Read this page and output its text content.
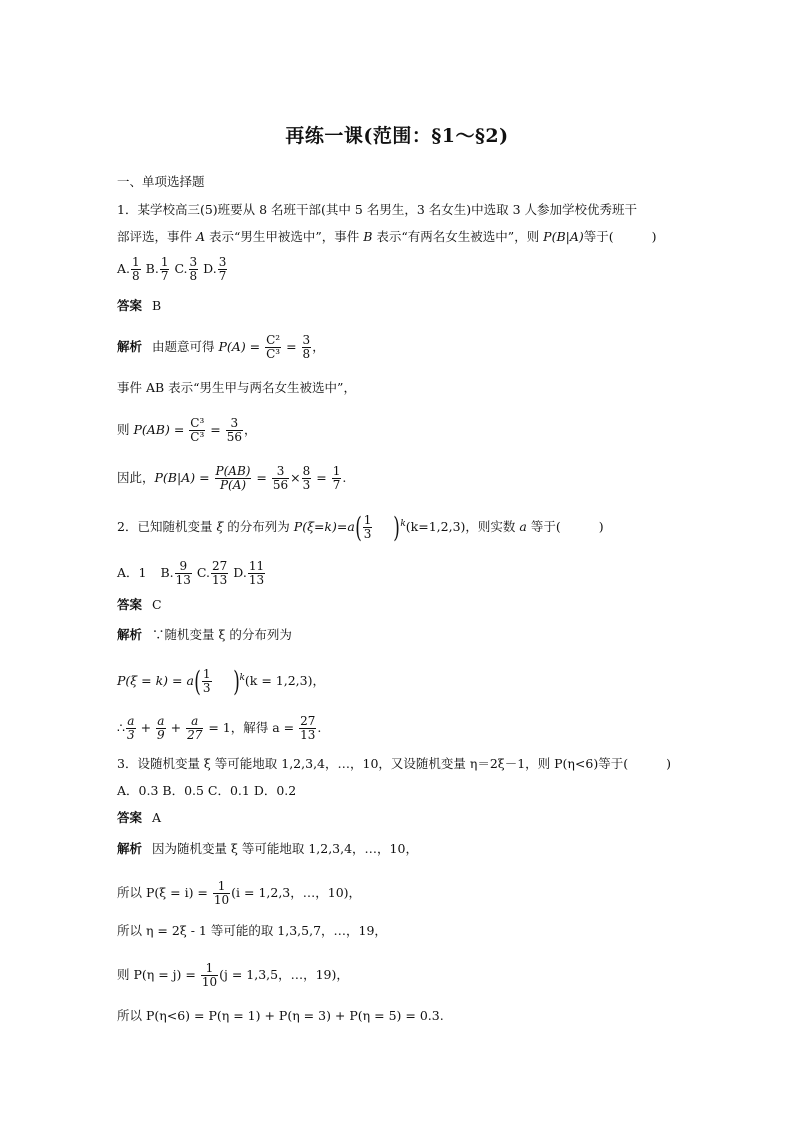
再练一课(范围：§1～§2)
一、单项选择题
1．某学校高三(5)班要从 8 名班干部(其中 5 名男生，3 名女生)中选取 3 人参加学校优秀班干
部评选，事件 A 表示“男生甲被选中”，事件 B 表示“有两名女生被选中”，则 P(B|A)等于(	)
A. $\frac{1}{8} B$. $\frac{1}{7} C$. $\frac{3}{8} D$. $\frac{3}{7}$
答案 B
解析 由题意可得 $P(A) = \frac{\text{C²}}{\text{C³}} = \frac{3}{8}$ ，
事件 AB 表示“男生甲与两名女生被选中”，
则 $P(AB) = \frac{\text{C³}}{\text{C³}} = \frac{3}{56}$ ，
因此，$P(B|A) = \frac{P(AB)}{P(A)} = \frac{3}{56} \times \frac{8}{3} = \frac{1}{7}$ .
2．已知随机变量 ξ 的分布列为 $P(\xi=k)=a( \frac{1}{3} )^k(k=1,2,3)$，则实数 a 等于(	)
A．1 B. $\frac{9}{13} C$. $\frac{27}{13} D$. $\frac{11}{13}$
答案 C
解析 ∵随机变量 ξ 的分布列为
$P(\xi = k) = a( \frac{1}{3} )^k(k = 1,2,3)$，
∴ $\frac{a}{3} + \frac{a}{9} + \frac{a}{27} = 1$，解得 $a = \frac{27}{13}$ .
3．设随机变量 ξ 等可能地取 1,2,3,4，…，10，又设随机变量 η＝2ξ－1，则 P(η<6)等于(	)
A．0.3 B．0.5 C．0.1 D．0.2
答案 A
解析 因为随机变量 ξ 等可能地取 1,2,3,4，…，10，
所以 $P(\xi = i) = \frac{1}{10} (i = 1,2,3$，…，10)，
所以 η = 2ξ - 1 等可能的取 1,3,5,7，…，19，
则 $P(\eta = j) = \frac{1}{10} (j = 1,3,5$，…，19)，
所以 P(η<6) = P(η = 1) + P(η = 3) + P(η = 5) = 0.3.
